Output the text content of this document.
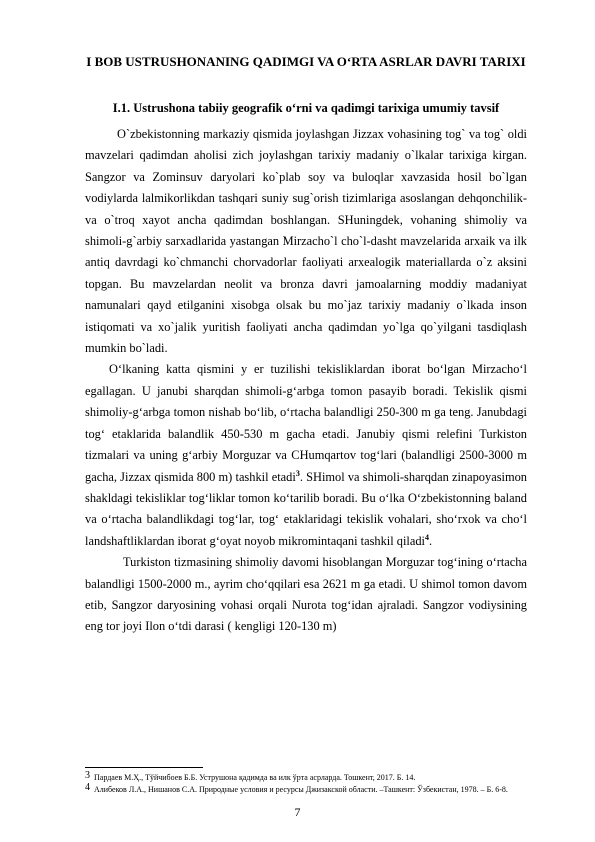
I BOB USTRUSHONANING QADIMGI VA O‘RTA ASRLAR DAVRI TARIXI
I.1. Ustrushona tabiiy geografik o‘rni va qadimgi tarixiga umumiy tavsif

O`zbekistonning markaziy qismida joylashgan Jizzax vohasining tog` va tog` oldi mavzelari qadimdan aholisi zich joylashgan tarixiy madaniy o`lkalar tarixiga kirgan. Sangzor va Zominsuv daryolari ko`plab soy va buloqlar xavzasida hosil bo`lgan vodiylarda lalmikorlikdan tashqari suniy sug`orish tizimlariga asoslangan dehqonchilik- va o`troq xayot ancha qadimdan boshlangan. SHuningdek, vohaning shimoliy va shimoli-g`arbiy sarxadlarida yastangan Mirzacho`l cho`l-dasht mavzelarida arxaik va ilk antiq davrdagi ko`chmanchi chorvadorlar faoliyati arxealogik materiallarda o`z aksini topgan. Bu mavzelardan neolit va bronza davri jamoalarning moddiy madaniyat namunalari qayd etilganini xisobga olsak bu mo`jaz tarixiy madaniy o`lkada inson istiqomati va xo`jalik yuritish faoliyati ancha qadimdan yo`lga qo`yilgani tasdiqlash mumkin bo`ladi.

O‘lkaning katta qismini y er tuzilishi tekisliklardan iborat bo‘lgan Mirzacho‘l egallagan. U janubi sharqdan shimoli-g‘arbga tomon pasayib boradi. Tekislik qismi shimoliy-g‘arbga tomon nishab bo‘lib, o‘rtacha balandligi 250-300 m ga teng. Janubdagi tog‘ etaklarida balandlik 450-530 m gacha etadi. Janubiy qismi relefini Turkiston tizmalari va uning g‘arbiy Morguzar va CHumqartov tog‘lari (balandligi 2500-3000 m gacha, Jizzax qismida 800 m) tashkil etadi$^3$. SHimol va shimoli-sharqdan zinapoyasimon shakldagi tekisliklar tog‘liklar tomon ko‘tarilib boradi. Bu o‘lka O‘zbekistonning baland va o‘rtacha balandlikdagi tog‘lar, tog‘ etaklaridagi tekislik vohalari, sho‘rxok va cho‘l landshaftliklardan iborat g‘oyat noyob mikromintaqani tashkil qiladi$^4$.

Turkiston tizmasining shimoliy davomi hisoblangan Morguzar tog‘ining o‘rtacha balandligi 1500-2000 m., ayrim cho‘qqilari esa 2621 m ga etadi. U shimol tomon davom etib, Sangzor daryosining vohasi orqali Nurota tog‘idan ajraladi. Sangzor vodiysining eng tor joyi Ilon o‘tdi darasi ( kengligi 120-130 m)

3 Пардаев М.Ҳ., Тўйчибоев Б.Б. Уструшона қадимда ва илк ўрта асрларда. Тошкент, 2017. Б. 14.
4 Алибеков Л.А., Нишанов С.А. Природные условия и ресурсы Джизакской области. –Ташкент: Ўзбекистан, 1978. – Б. 6-8.
7
